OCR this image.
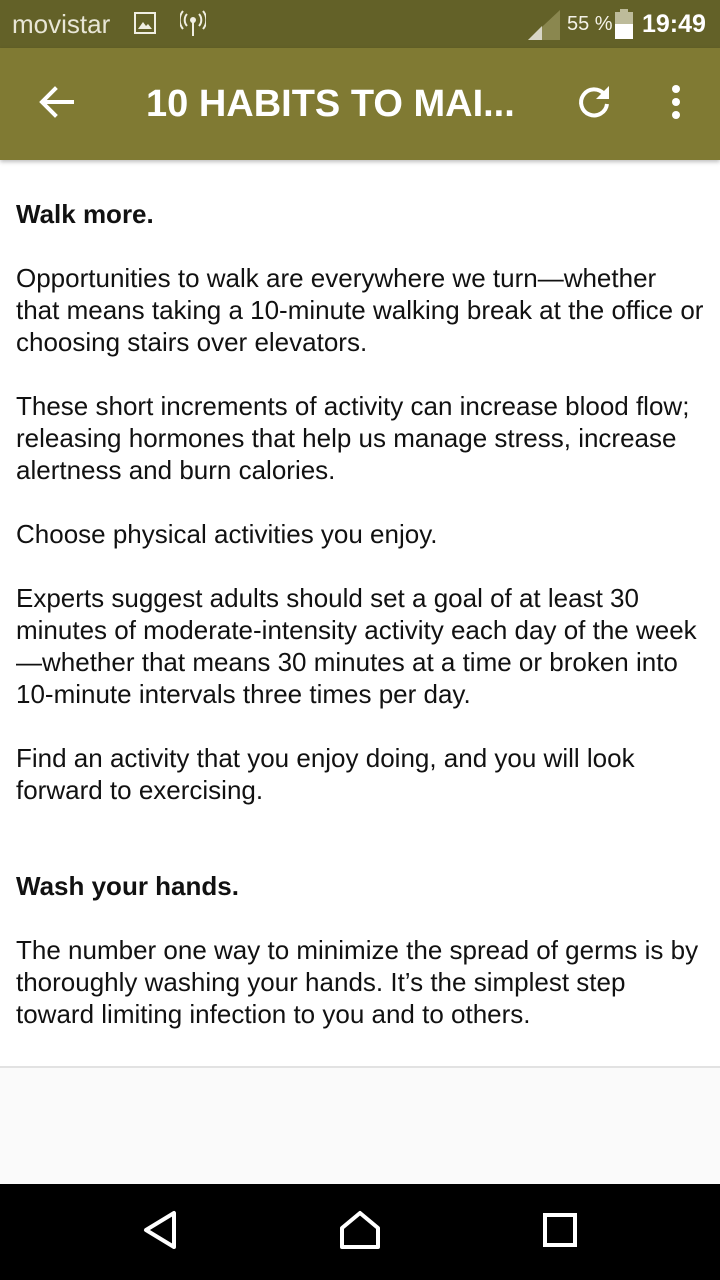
movistar	55 % 19:49
10 HABITS TO MAI...

Walk more.

Opportunities to walk are everywhere we turn—whether that means taking a 10-minute walking break at the office or choosing stairs over elevators.

These short increments of activity can increase blood flow; releasing hormones that help us manage stress, increase alertness and burn calories.

Choose physical activities you enjoy.

Experts suggest adults should set a goal of at least 30 minutes of moderate-intensity activity each day of the week—whether that means 30 minutes at a time or broken into 10-minute intervals three times per day.

Find an activity that you enjoy doing, and you will look forward to exercising.

Wash your hands.

The number one way to minimize the spread of germs is by thoroughly washing your hands. It’s the simplest step toward limiting infection to you and to others.
